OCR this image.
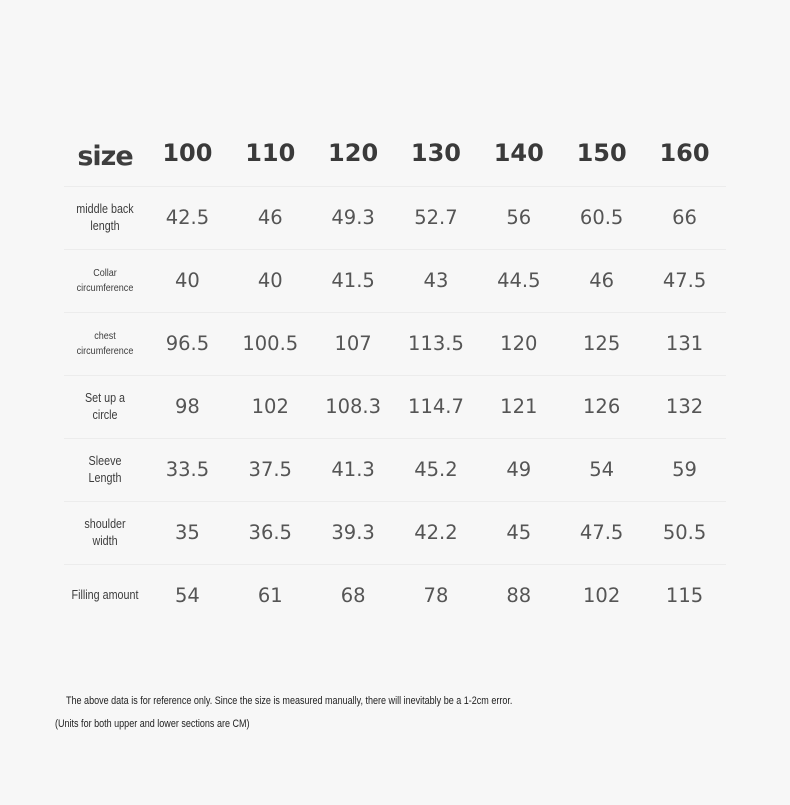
size	100	110	120	130	140	150	160
middle back length	42.5	46	49.3	52.7	56	60.5	66
Collar circumference	40	40	41.5	43	44.5	46	47.5
chest circumference	96.5	100.5	107	113.5	120	125	131
Set up a circle	98	102	108.3	114.7	121	126	132
Sleeve Length	33.5	37.5	41.3	45.2	49	54	59
shoulder width	35	36.5	39.3	42.2	45	47.5	50.5
Filling amount	54	61	68	78	88	102	115
The above data is for reference only. Since the size is measured manually, there will inevitably be a 1-2cm error.
(Units for both upper and lower sections are CM)
